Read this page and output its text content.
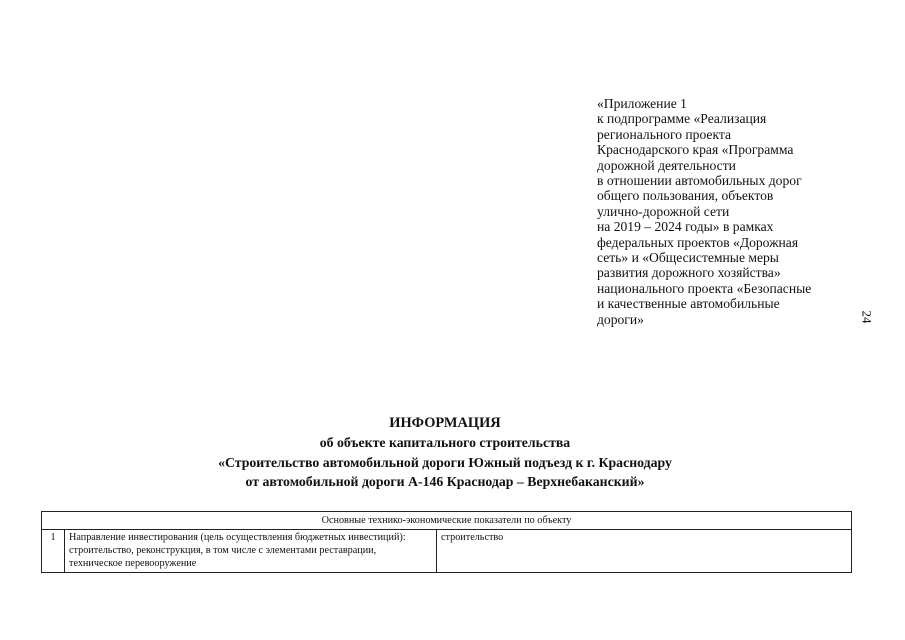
«Приложение 1
к подпрограмме «Реализация
регионального проекта
Краснодарского края «Программа
дорожной деятельности
в отношении автомобильных дорог
общего пользования, объектов
улично-дорожной сети
на 2019 – 2024 годы» в рамках
федеральных проектов «Дорожная
сеть» и «Общесистемные меры
развития дорожного хозяйства»
национального проекта «Безопасные
и качественные автомобильные
дороги»	24
ИНФОРМАЦИЯ
об объекте капитального строительства
«Строительство автомобильной дороги Южный подъезд к г. Краснодару
от автомобильной дороги А-146 Краснодар – Верхнебаканский»
Основные технико-экономические показатели по объекту
1	Направление инвестирования (цель осуществления бюджетных инвестиций): строительство, реконструкция, в том числе с элементами реставрации, техническое перевооружение	строительство
